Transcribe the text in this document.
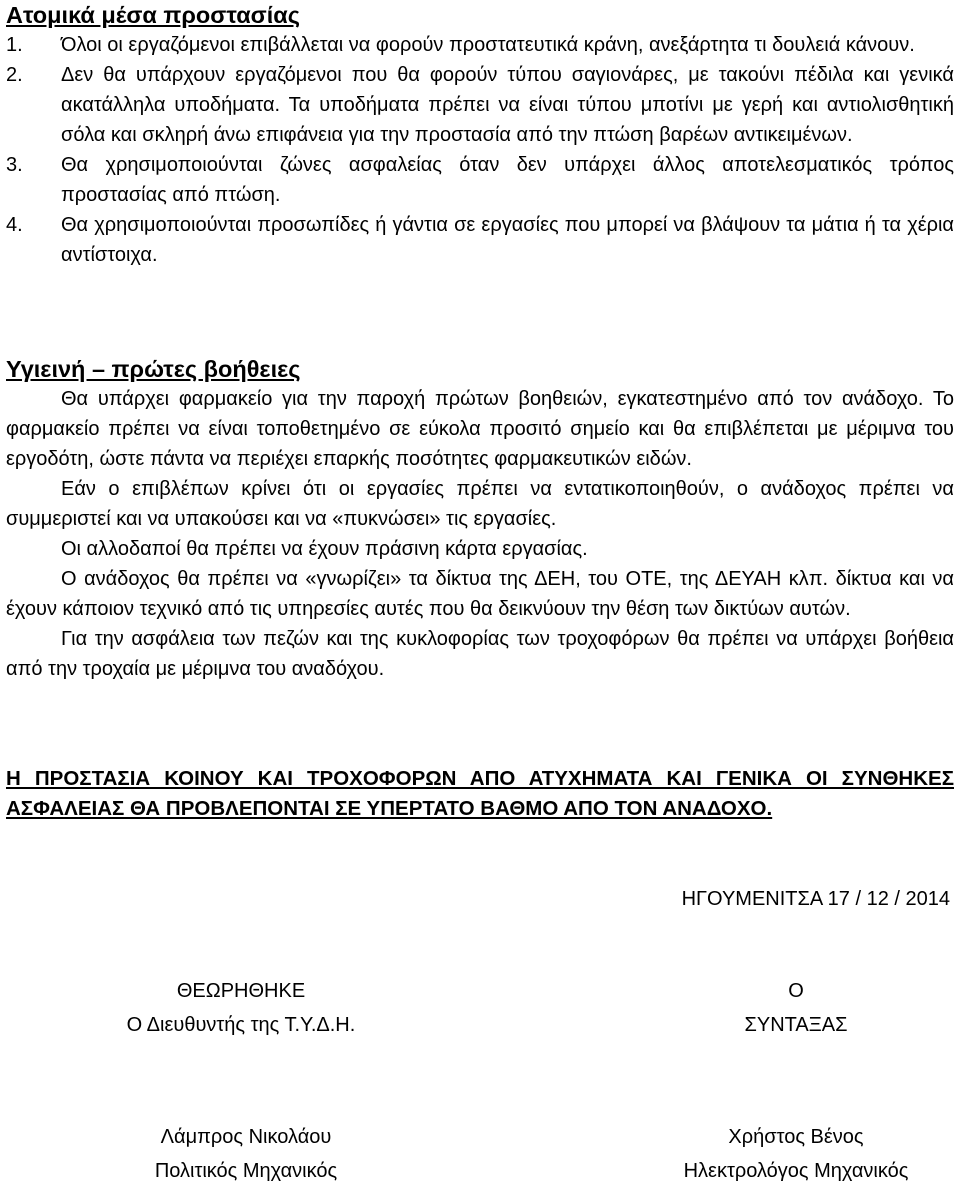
Ατομικά μέσα προστασίας
1. Όλοι οι εργαζόμενοι επιβάλλεται να φορούν προστατευτικά κράνη, ανεξάρτητα τι δουλειά κάνουν.
2. Δεν θα υπάρχουν εργαζόμενοι που θα φορούν τύπου σαγιονάρες, με τακούνι πέδιλα και γενικά ακατάλληλα υποδήματα. Τα υποδήματα πρέπει να είναι τύπου μποτίνι με γερή και αντιολισθητική σόλα και σκληρή άνω επιφάνεια για την προστασία από την πτώση βαρέων αντικειμένων.
3. Θα χρησιμοποιούνται ζώνες ασφαλείας όταν δεν υπάρχει άλλος αποτελεσματικός τρόπος προστασίας από πτώση.
4. Θα χρησιμοποιούνται προσωπίδες ή γάντια σε εργασίες που μπορεί να βλάψουν τα μάτια ή τα χέρια αντίστοιχα.
Υγιεινή – πρώτες βοήθειες

Θα υπάρχει φαρμακείο για την παροχή πρώτων βοηθειών, εγκατεστημένο από τον ανάδοχο. Το φαρμακείο πρέπει να είναι τοποθετημένο σε εύκολα προσιτό σημείο και θα επιβλέπεται με μέριμνα του εργοδότη, ώστε πάντα να περιέχει επαρκής ποσότητες φαρμακευτικών ειδών.

Εάν ο επιβλέπων κρίνει ότι οι εργασίες πρέπει να εντατικοποιηθούν, ο ανάδοχος πρέπει να συμμεριστεί και να υπακούσει και να «πυκνώσει» τις εργασίες.

Οι αλλοδαποί θα πρέπει να έχουν πράσινη κάρτα εργασίας.

Ο ανάδοχος θα πρέπει να «γνωρίζει» τα δίκτυα της ΔΕΗ, του ΟΤΕ, της ΔΕΥΑΗ κλπ. δίκτυα και να έχουν κάποιον τεχνικό από τις υπηρεσίες αυτές που θα δεικνύουν την θέση των δικτύων αυτών.

Για την ασφάλεια των πεζών και της κυκλοφορίας των τροχοφόρων θα πρέπει να υπάρχει βοήθεια από την τροχαία με μέριμνα του αναδόχου.

Η ΠΡΟΣΤΑΣΙΑ ΚΟΙΝΟΥ ΚΑΙ ΤΡΟΧΟΦΟΡΩΝ ΑΠΟ ΑΤΥΧΗΜΑΤΑ ΚΑΙ ΓΕΝΙΚΑ ΟΙ ΣΥΝΘΗΚΕΣ ΑΣΦΑΛΕΙΑΣ ΘΑ ΠΡΟΒΛΕΠΟΝΤΑΙ ΣΕ ΥΠΕΡΤΑΤΟ ΒΑΘΜΟ ΑΠΟ ΤΟΝ ΑΝΑΔΟΧΟ.
ΗΓΟΥΜΕΝΙΤΣΑ 17 / 12 / 2014
ΘΕΩΡΗΘΗΚΕ
Ο Διευθυντής της Τ.Υ.Δ.Η.
Ο
ΣΥΝΤΑΞΑΣ
Λάμπρος Νικολάου
Πολιτικός Μηχανικός
Χρήστος Βένος
Ηλεκτρολόγος Μηχανικός
